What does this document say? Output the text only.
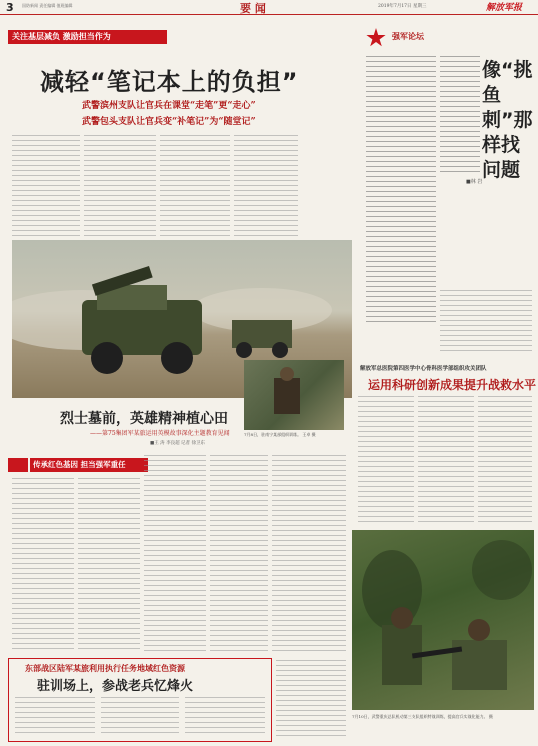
3 国防新闻 责任编辑 值班编辑	要 闻	2019年7月17日 星期三	解放军报
关注基层减负 激励担当作为
减轻“笔记本上的负担”
武警滨州支队让官兵在课堂“走笔”更“走心”
武警包头支队让官兵变“补笔记”为“随堂记”
强军论坛
像“挑鱼刺”那样找问题
■林 岩
烈士墓前，英雄精神植心田
——第75集团军某旅运用英模故事深化主题教育见闻
■王 涛 李良超 记者 徐卫东
7月8日，驻南宁某部组织训练。 王卓 摄
传承红色基因 担当强军重任
东部战区陆军某旅利用执行任务地域红色资源
驻训场上，参战老兵忆烽火
解放军总医院第四医学中心骨科医学部组织攻关团队
运用科研创新成果提升战救水平
7月10日，武警重庆总队机动第三支队组织特战训练，提高官兵实战化能力。 摄
